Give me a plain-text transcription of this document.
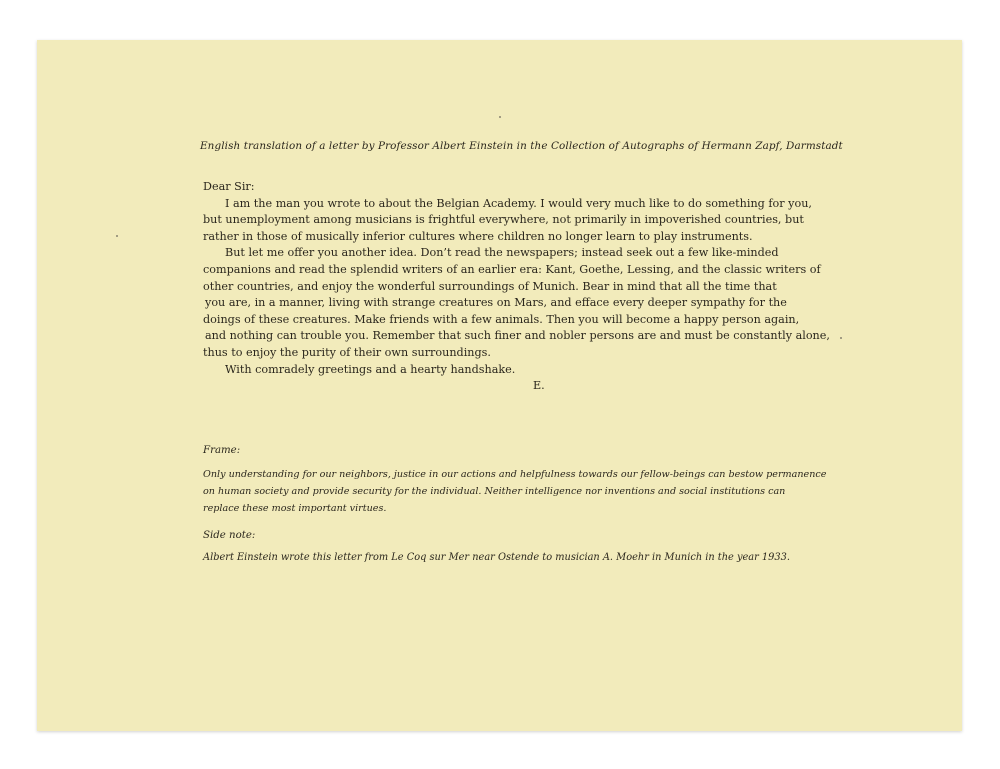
English translation of a letter by Professor Albert Einstein in the Collection of Autographs of Hermann Zapf, Darmstadt
Dear Sir:
I am the man you wrote to about the Belgian Academy. I would very much like to do something for you,
but unemployment among musicians is frightful everywhere, not primarily in impoverished countries, but
rather in those of musically inferior cultures where children no longer learn to play instruments.
But let me offer you another idea. Don’t read the newspapers; instead seek out a few like-minded
companions and read the splendid writers of an earlier era: Kant, Goethe, Lessing, and the classic writers of
other countries, and enjoy the wonderful surroundings of Munich. Bear in mind that all the time that
you are, in a manner, living with strange creatures on Mars, and efface every deeper sympathy for the
doings of these creatures. Make friends with a few animals. Then you will become a happy person again,
and nothing can trouble you. Remember that such finer and nobler persons are and must be constantly alone,
thus to enjoy the purity of their own surroundings.
With comradely greetings and a hearty handshake.
E.
Frame:
Only understanding for our neighbors, justice in our actions and helpfulness towards our fellow-beings can bestow permanence
on human society and provide security for the individual. Neither intelligence nor inventions and social institutions can
replace these most important virtues.
Side note:
Albert Einstein wrote this letter from Le Coq sur Mer near Ostende to musician A. Moehr in Munich in the year 1933.
